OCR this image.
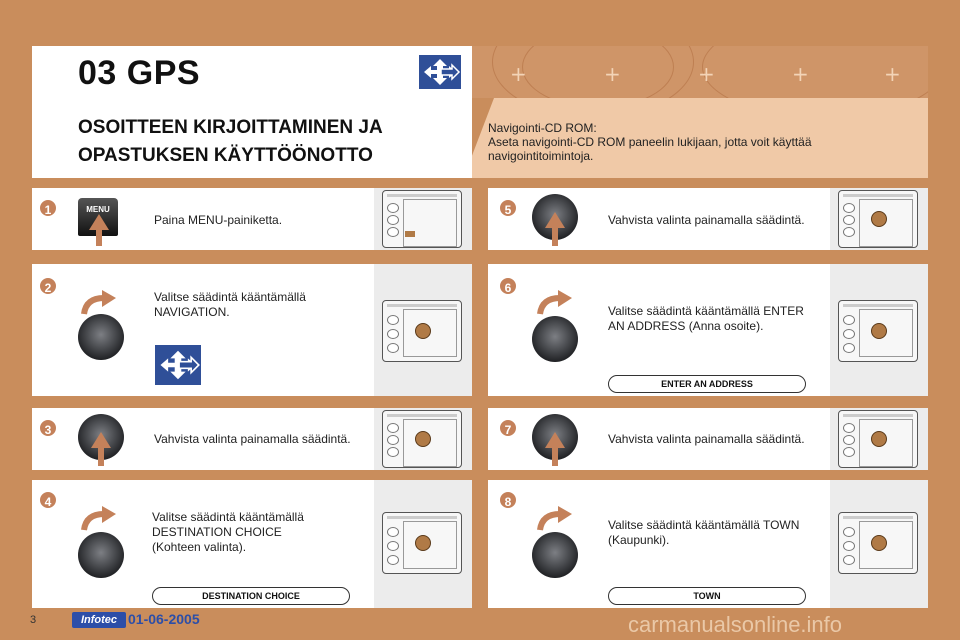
+	+	+	+	+
03 GPS
OSOITTEEN KIRJOITTAMINEN JA
OPASTUKSEN KÄYTTÖÖNOTTO
Navigointi-CD ROM:
Aseta navigointi-CD ROM paneelin lukijaan, jotta voit käyttää
navigointitoimintoja.
1	MENU
Paina MENU-painiketta.
2
Valitse säädintä kääntämällä
NAVIGATION.
3
Vahvista valinta painamalla säädintä.
4
Valitse säädintä kääntämällä
DESTINATION CHOICE
(Kohteen valinta).
DESTINATION CHOICE
5
Vahvista valinta painamalla säädintä.
6
Valitse säädintä kääntämällä ENTER
AN ADDRESS (Anna osoite).
ENTER AN ADDRESS
7
Vahvista valinta painamalla säädintä.
8
Valitse säädintä kääntämällä TOWN
(Kaupunki).
TOWN
3	Infotec 01-06-2005	carmanualsonline.info
